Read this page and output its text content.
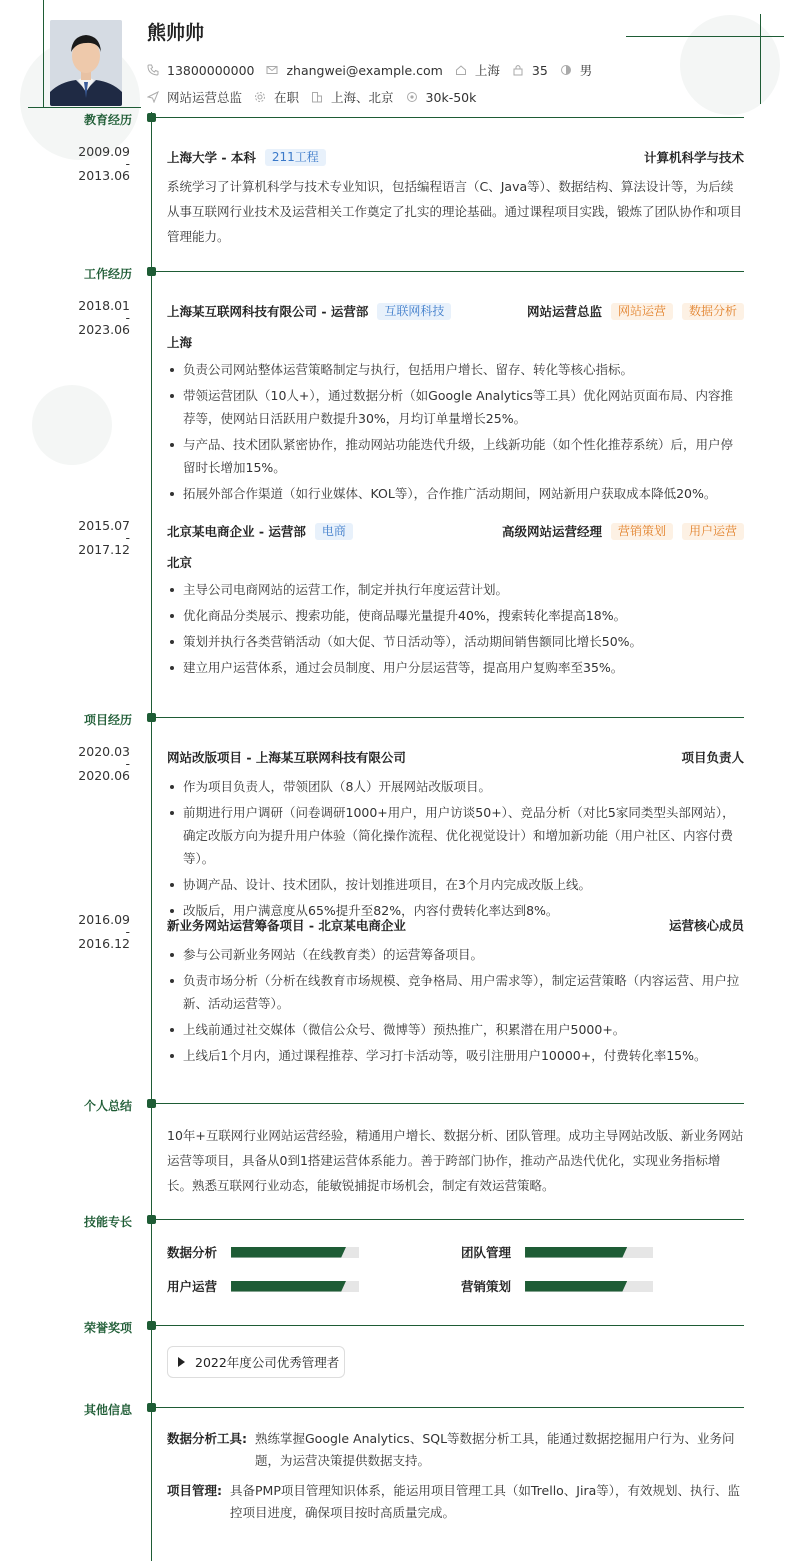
熊帅帅
13800000000	zhangwei@example.com	上海	35	男
网站运营总监	在职	上海、北京	30k-50k
教育经历
2009.09
-
2013.06
上海大学 - 本科	211工程	计算机科学与技术
系统学习了计算机科学与技术专业知识，包括编程语言（C、Java等）、数据结构、算法设计等，为后续从事互联网行业技术及运营相关工作奠定了扎实的理论基础。通过课程项目实践，锻炼了团队协作和项目管理能力。
工作经历
2018.01
-
2023.06
上海某互联网科技有限公司 - 运营部	互联网科技	网站运营总监	网站运营	数据分析
上海
负责公司网站整体运营策略制定与执行，包括用户增长、留存、转化等核心指标。
带领运营团队（10人+），通过数据分析（如Google Analytics等工具）优化网站页面布局、内容推荐等，使网站日活跃用户数提升30%，月均订单量增长25%。
与产品、技术团队紧密协作，推动网站功能迭代升级，上线新功能（如个性化推荐系统）后，用户停留时长增加15%。
拓展外部合作渠道（如行业媒体、KOL等），合作推广活动期间，网站新用户获取成本降低20%。
2015.07
-
2017.12
北京某电商企业 - 运营部	电商	高级网站运营经理	营销策划	用户运营
北京
主导公司电商网站的运营工作，制定并执行年度运营计划。
优化商品分类展示、搜索功能，使商品曝光量提升40%，搜索转化率提高18%。
策划并执行各类营销活动（如大促、节日活动等），活动期间销售额同比增长50%。
建立用户运营体系，通过会员制度、用户分层运营等，提高用户复购率至35%。
项目经历
2020.03
-
2020.06
网站改版项目 - 上海某互联网科技有限公司	项目负责人
作为项目负责人，带领团队（8人）开展网站改版项目。
前期进行用户调研（问卷调研1000+用户，用户访谈50+）、竞品分析（对比5家同类型头部网站），确定改版方向为提升用户体验（简化操作流程、优化视觉设计）和增加新功能（用户社区、内容付费等）。
协调产品、设计、技术团队，按计划推进项目，在3个月内完成改版上线。
改版后，用户满意度从65%提升至82%，内容付费转化率达到8%。
2016.09
-
2016.12
新业务网站运营筹备项目 - 北京某电商企业	运营核心成员
参与公司新业务网站（在线教育类）的运营筹备项目。
负责市场分析（分析在线教育市场规模、竞争格局、用户需求等），制定运营策略（内容运营、用户拉新、活动运营等）。
上线前通过社交媒体（微信公众号、微博等）预热推广，积累潜在用户5000+。
上线后1个月内，通过课程推荐、学习打卡活动等，吸引注册用户10000+，付费转化率15%。
个人总结
10年+互联网行业网站运营经验，精通用户增长、数据分析、团队管理。成功主导网站改版、新业务网站运营等项目，具备从0到1搭建运营体系能力。善于跨部门协作，推动产品迭代优化，实现业务指标增长。熟悉互联网行业动态，能敏锐捕捉市场机会，制定有效运营策略。
技能专长
数据分析	团队管理
用户运营	营销策划
荣誉奖项
2022年度公司优秀管理者
其他信息
数据分析工具: 熟练掌握Google Analytics、SQL等数据分析工具，能通过数据挖掘用户行为、业务问题，为运营决策提供数据支持。
项目管理: 具备PMP项目管理知识体系，能运用项目管理工具（如Trello、Jira等），有效规划、执行、监控项目进度，确保项目按时高质量完成。
